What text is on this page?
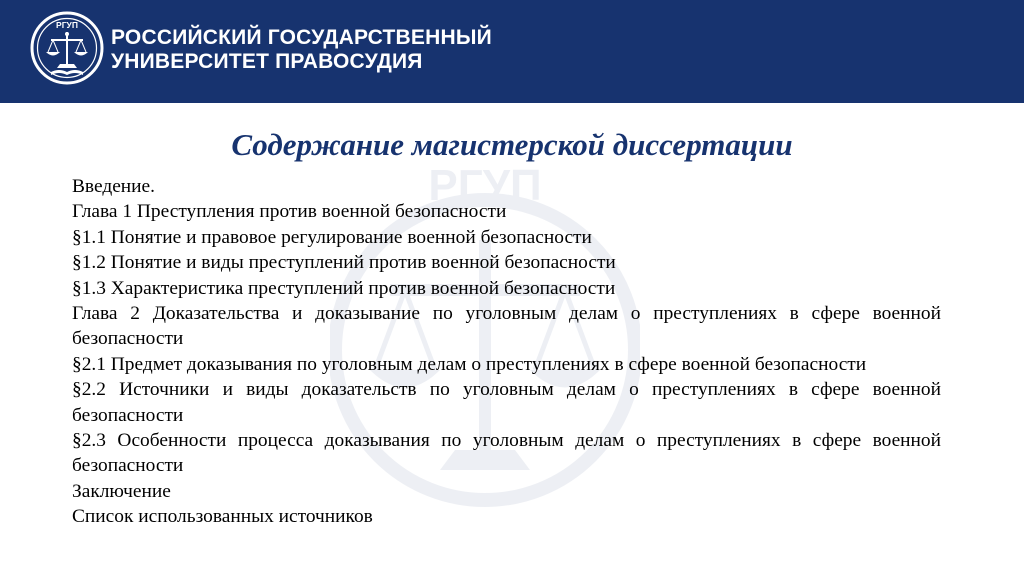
РГУП
РОССИЙСКИЙ ГОСУДАРСТВЕННЫЙ
УНИВЕРСИТЕТ ПРАВОСУДИЯ
РГУП
Содержание магистерской диссертации
Введение.
Глава 1 Преступления против военной безопасности
§1.1 Понятие и правовое регулирование военной безопасности
§1.2 Понятие и виды преступлений против военной безопасности
§1.3 Характеристика преступлений против военной безопасности
Глава 2 Доказательства и доказывание по уголовным делам о преступлениях в сфере военной безопасности
§2.1 Предмет доказывания по уголовным делам о преступлениях в сфере военной безопасности
§2.2 Источники и виды доказательств по уголовным делам о преступлениях в сфере военной безопасности
§2.3 Особенности процесса доказывания по уголовным делам о преступлениях в сфере военной безопасности
Заключение
Список использованных источников
